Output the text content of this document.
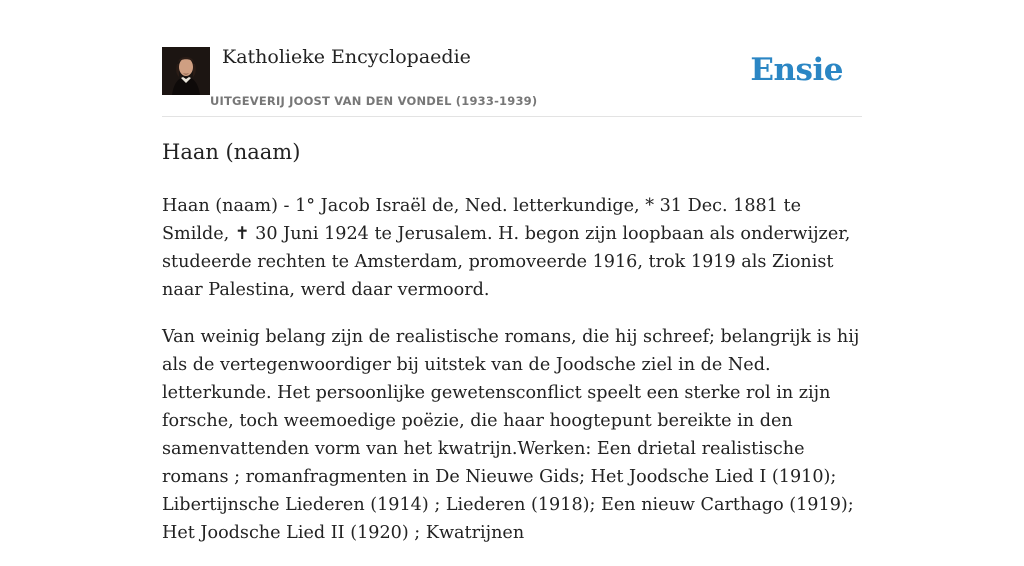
Katholieke Encyclopaedie
UITGEVERIJ JOOST VAN DEN VONDEL (1933-1939)
Ensie
Haan (naam)

Haan (naam) - 1° Jacob Israël de, Ned. letterkundige, * 31 Dec. 1881 te Smilde, ✝ 30 Juni 1924 te Jerusalem. H. begon zijn loopbaan als onderwijzer, studeerde rechten te Amsterdam, promoveerde 1916, trok 1919 als Zionist naar Palestina, werd daar vermoord.

Van weinig belang zijn de realistische romans, die hij schreef; belangrijk is hij als de vertegenwoordiger bij uitstek van de Joodsche ziel in de Ned. letterkunde. Het persoonlijke gewetensconflict speelt een sterke rol in zijn forsche, toch weemoedige poëzie, die haar hoogtepunt bereikte in den samenvattenden vorm van het kwatrijn.Werken: Een drietal realistische romans ; romanfragmenten in De Nieuwe Gids; Het Joodsche Lied I (1910); Libertijnsche Liederen (1914) ; Liederen (1918); Een nieuw Carthago (1919); Het Joodsche Lied II (1920) ; Kwatrijnen
